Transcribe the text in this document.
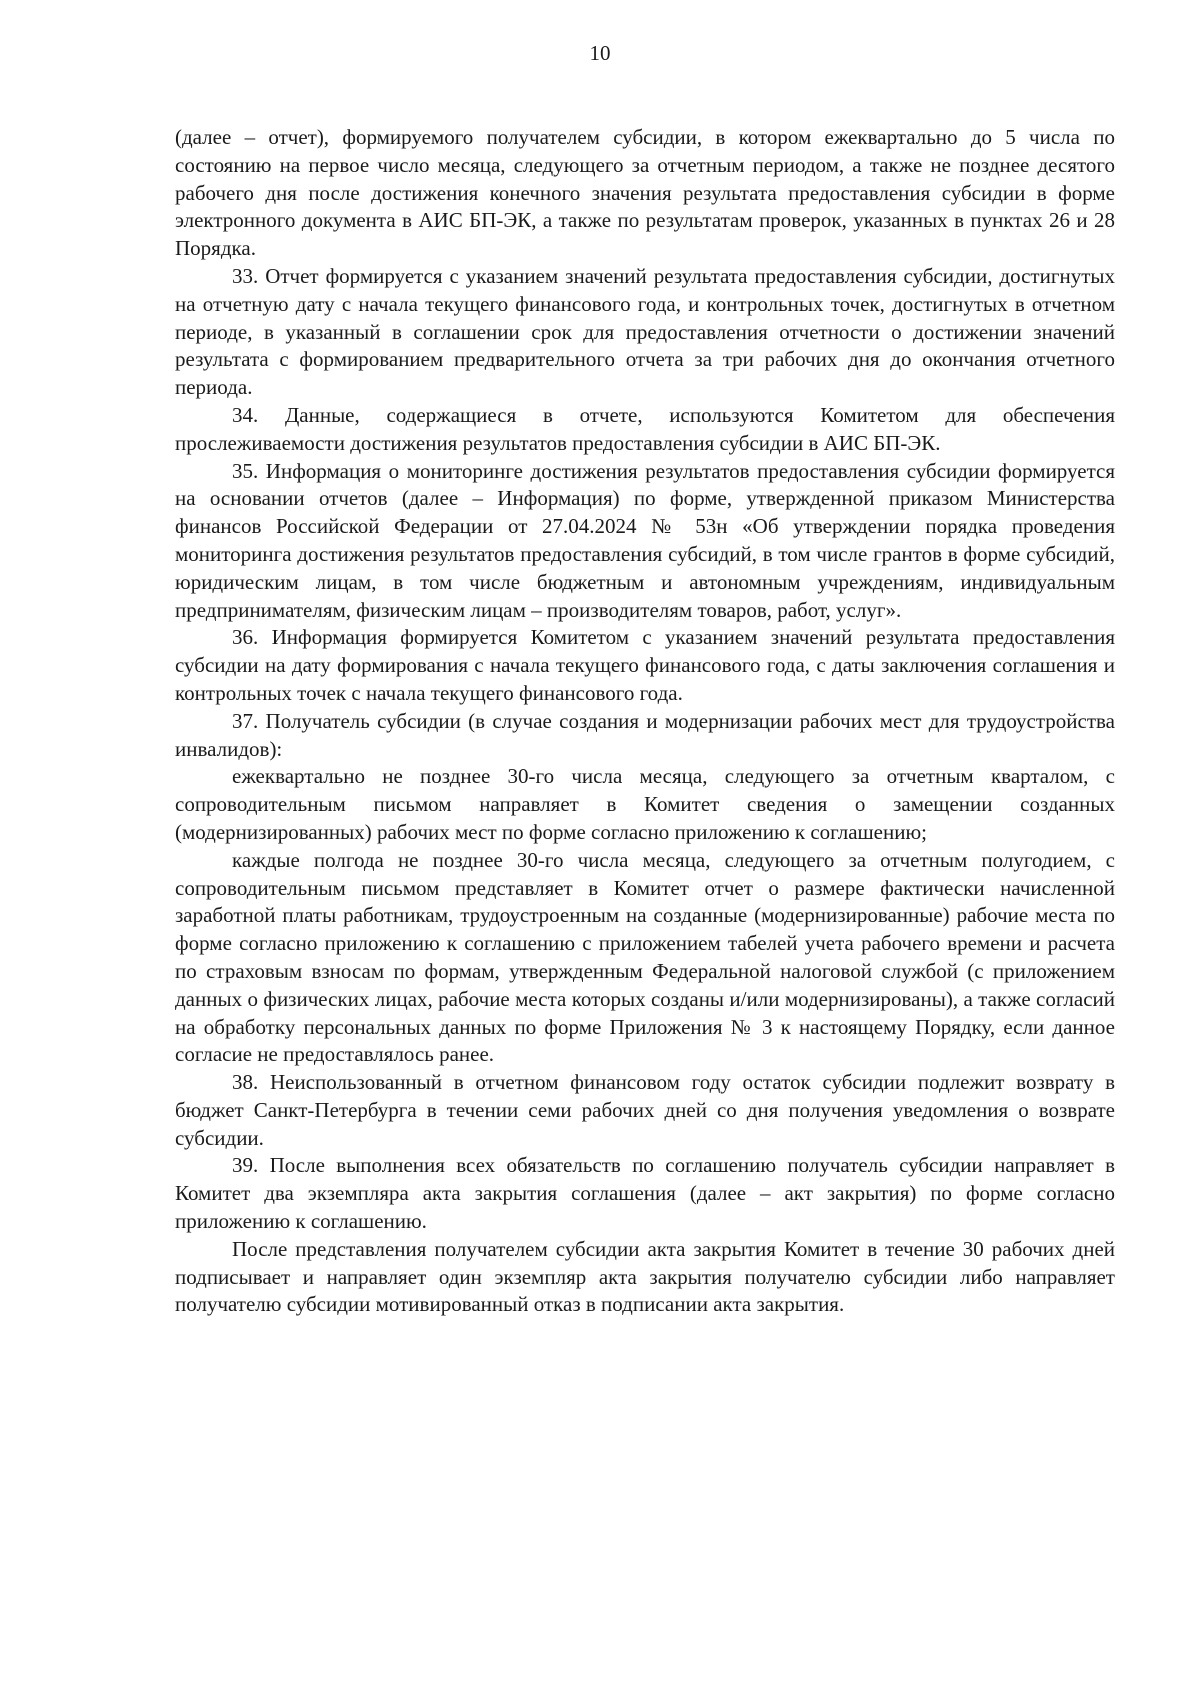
10

(далее – отчет), формируемого получателем субсидии, в котором ежеквартально до 5 числа по состоянию на первое число месяца, следующего за отчетным периодом, а также не позднее десятого рабочего дня после достижения конечного значения результата предоставления субсидии в форме электронного документа в АИС БП-ЭК, а также по результатам проверок, указанных в пунктах 26 и 28 Порядка.

33. Отчет формируется с указанием значений результата предоставления субсидии, достигнутых на отчетную дату с начала текущего финансового года, и контрольных точек, достигнутых в отчетном периоде, в указанный в соглашении срок для предоставления отчетности о достижении значений результата с формированием предварительного отчета за три рабочих дня до окончания отчетного периода.

34. Данные, содержащиеся в отчете, используются Комитетом для обеспечения прослеживаемости достижения результатов предоставления субсидии в АИС БП-ЭК.

35. Информация о мониторинге достижения результатов предоставления субсидии формируется на основании отчетов (далее – Информация) по форме, утвержденной приказом Министерства финансов Российской Федерации от 27.04.2024 № 53н «Об утверждении порядка проведения мониторинга достижения результатов предоставления субсидий, в том числе грантов в форме субсидий, юридическим лицам, в том числе бюджетным и автономным учреждениям, индивидуальным предпринимателям, физическим лицам – производителям товаров, работ, услуг».

36. Информация формируется Комитетом с указанием значений результата предоставления субсидии на дату формирования с начала текущего финансового года, с даты заключения соглашения и контрольных точек с начала текущего финансового года.

37. Получатель субсидии (в случае создания и модернизации рабочих мест для трудоустройства инвалидов):

ежеквартально не позднее 30-го числа месяца, следующего за отчетным кварталом, с сопроводительным письмом направляет в Комитет сведения о замещении созданных (модернизированных) рабочих мест по форме согласно приложению к соглашению;

каждые полгода не позднее 30-го числа месяца, следующего за отчетным полугодием, с сопроводительным письмом представляет в Комитет отчет о размере фактически начисленной заработной платы работникам, трудоустроенным на созданные (модернизированные) рабочие места по форме согласно приложению к соглашению с приложением табелей учета рабочего времени и расчета по страховым взносам по формам, утвержденным Федеральной налоговой службой (с приложением данных о физических лицах, рабочие места которых созданы и/или модернизированы), а также согласий на обработку персональных данных по форме Приложения № 3 к настоящему Порядку, если данное согласие не предоставлялось ранее.

38. Неиспользованный в отчетном финансовом году остаток субсидии подлежит возврату в бюджет Санкт-Петербурга в течении семи рабочих дней со дня получения уведомления о возврате субсидии.

39. После выполнения всех обязательств по соглашению получатель субсидии направляет в Комитет два экземпляра акта закрытия соглашения (далее – акт закрытия) по форме согласно приложению к соглашению.

После представления получателем субсидии акта закрытия Комитет в течение 30 рабочих дней подписывает и направляет один экземпляр акта закрытия получателю субсидии либо направляет получателю субсидии мотивированный отказ в подписании акта закрытия.
